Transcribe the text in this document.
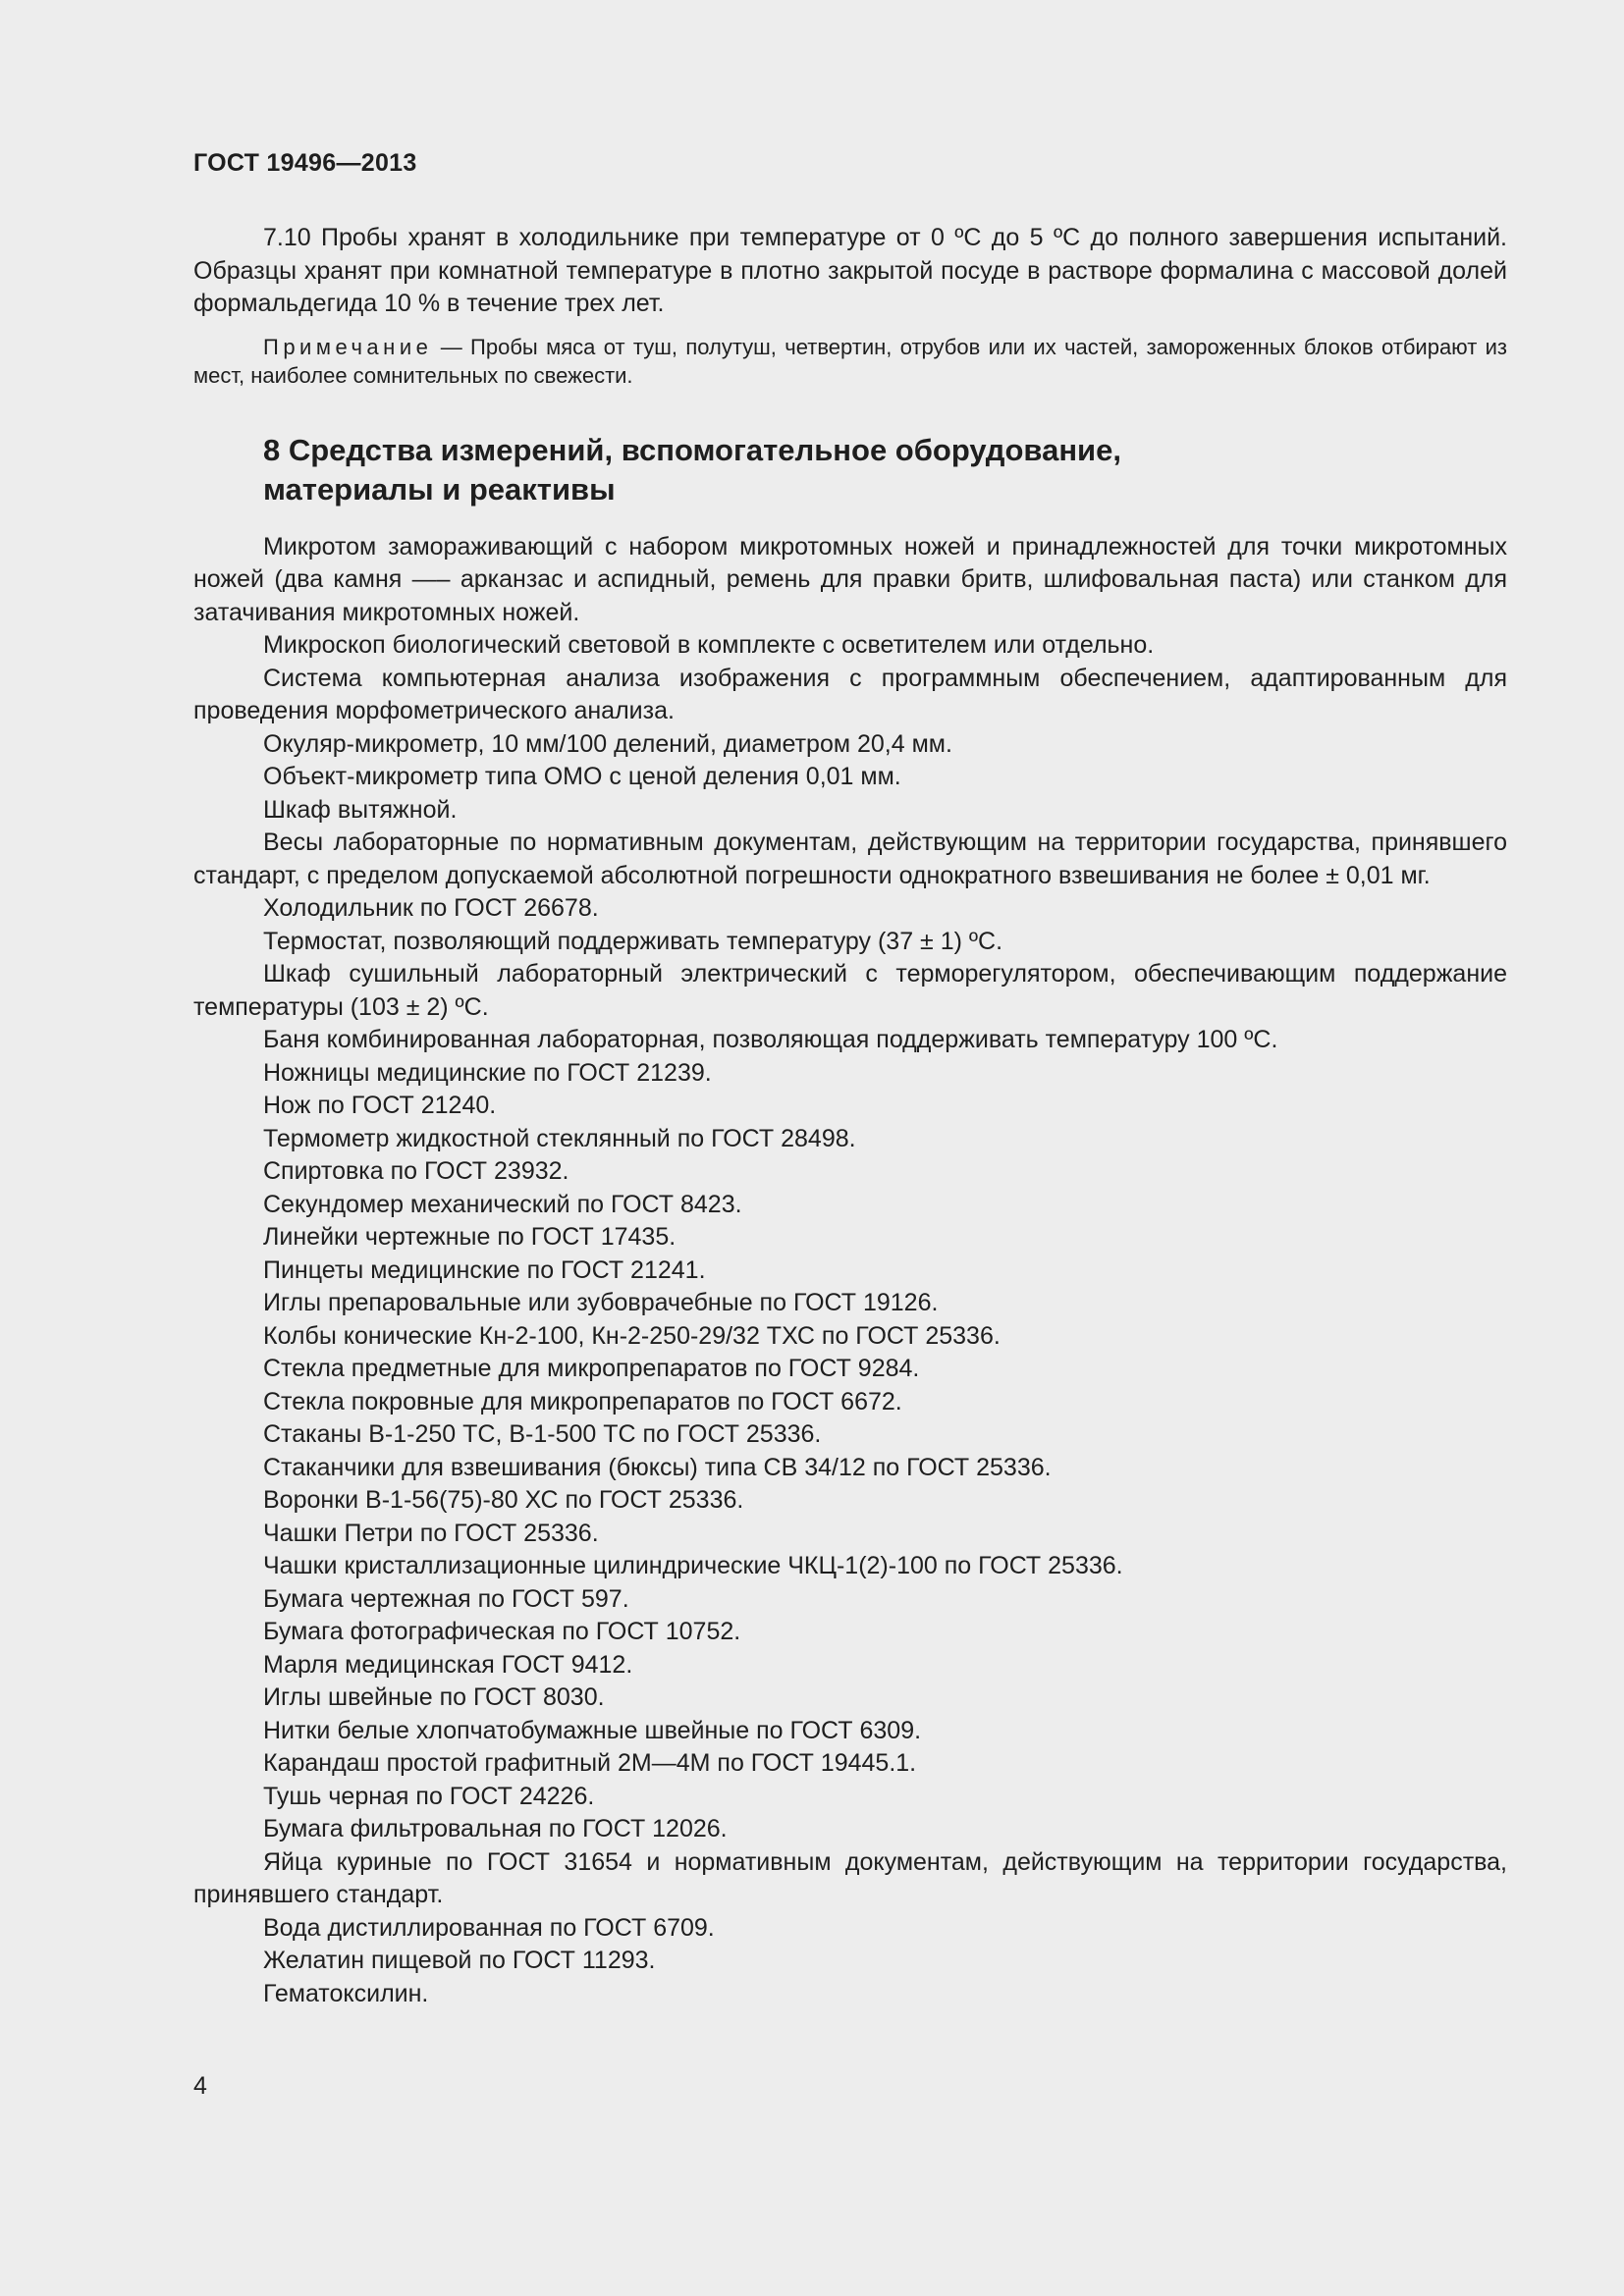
ГОСТ 19496—2013

7.10 Пробы хранят в холодильнике при температуре от 0 ºС до 5 ºС до полного завершения испытаний. Образцы хранят при комнатной температуре в плотно закрытой посуде в растворе формалина с массовой долей формальдегида 10 % в течение трех лет.

Примечание — Пробы мяса от туш, полутуш, четвертин, отрубов или их частей, замороженных блоков отбирают из мест, наиболее сомнительных по свежести.

8 Средства измерений, вспомогательное оборудование,
материалы и реактивы

Микротом замораживающий с набором микротомных ножей и принадлежностей для точки микротомных ножей (два камня —– арканзас и аспидный, ремень для правки бритв, шлифовальная паста) или станком для затачивания микротомных ножей.

Микроскоп биологический световой в комплекте с осветителем или отдельно.

Система компьютерная анализа изображения с программным обеспечением, адаптированным для проведения морфометрического анализа.

Окуляр-микрометр, 10 мм/100 делений, диаметром 20,4 мм.

Объект-микрометр типа ОМО с ценой деления 0,01 мм.

Шкаф вытяжной.

Весы лабораторные по нормативным документам, действующим на территории государства, принявшего стандарт, с пределом допускаемой абсолютной погрешности однократного взвешивания не более ± 0,01 мг.

Холодильник по ГОСТ 26678.

Термостат, позволяющий поддерживать температуру (37 ± 1) ºС.

Шкаф сушильный лабораторный электрический с терморегулятором, обеспечивающим поддержание температуры (103 ± 2) ºС.

Баня комбинированная лабораторная, позволяющая поддерживать температуру 100 ºС.

Ножницы медицинские по ГОСТ 21239.

Нож по ГОСТ 21240.

Термометр жидкостной стеклянный по ГОСТ 28498.

Спиртовка по ГОСТ 23932.

Секундомер механический по ГОСТ 8423.

Линейки чертежные по ГОСТ 17435.

Пинцеты медицинские по ГОСТ 21241.

Иглы препаровальные или зубоврачебные по ГОСТ 19126.

Колбы конические Кн-2-100, Кн-2-250-29/32 ТХС по ГОСТ 25336.

Стекла предметные для микропрепаратов по ГОСТ 9284.

Стекла покровные для микропрепаратов по ГОСТ 6672.

Стаканы В-1-250 ТС, В-1-500 ТС по ГОСТ 25336.

Стаканчики для взвешивания (бюксы) типа СВ 34/12 по ГОСТ 25336.

Воронки В-1-56(75)-80 ХС по ГОСТ 25336.

Чашки Петри по ГОСТ 25336.

Чашки кристаллизационные цилиндрические ЧКЦ-1(2)-100 по ГОСТ 25336.

Бумага чертежная по ГОСТ 597.

Бумага фотографическая по ГОСТ 10752.

Марля медицинская ГОСТ 9412.

Иглы швейные по ГОСТ 8030.

Нитки белые хлопчатобумажные швейные по ГОСТ 6309.

Карандаш простой графитный 2М—4М по ГОСТ 19445.1.

Тушь черная по ГОСТ 24226.

Бумага фильтровальная по ГОСТ 12026.

Яйца куриные по ГОСТ 31654 и нормативным документам, действующим на территории государства, принявшего стандарт.

Вода дистиллированная по ГОСТ 6709.

Желатин пищевой по ГОСТ 11293.

Гематоксилин.

4
